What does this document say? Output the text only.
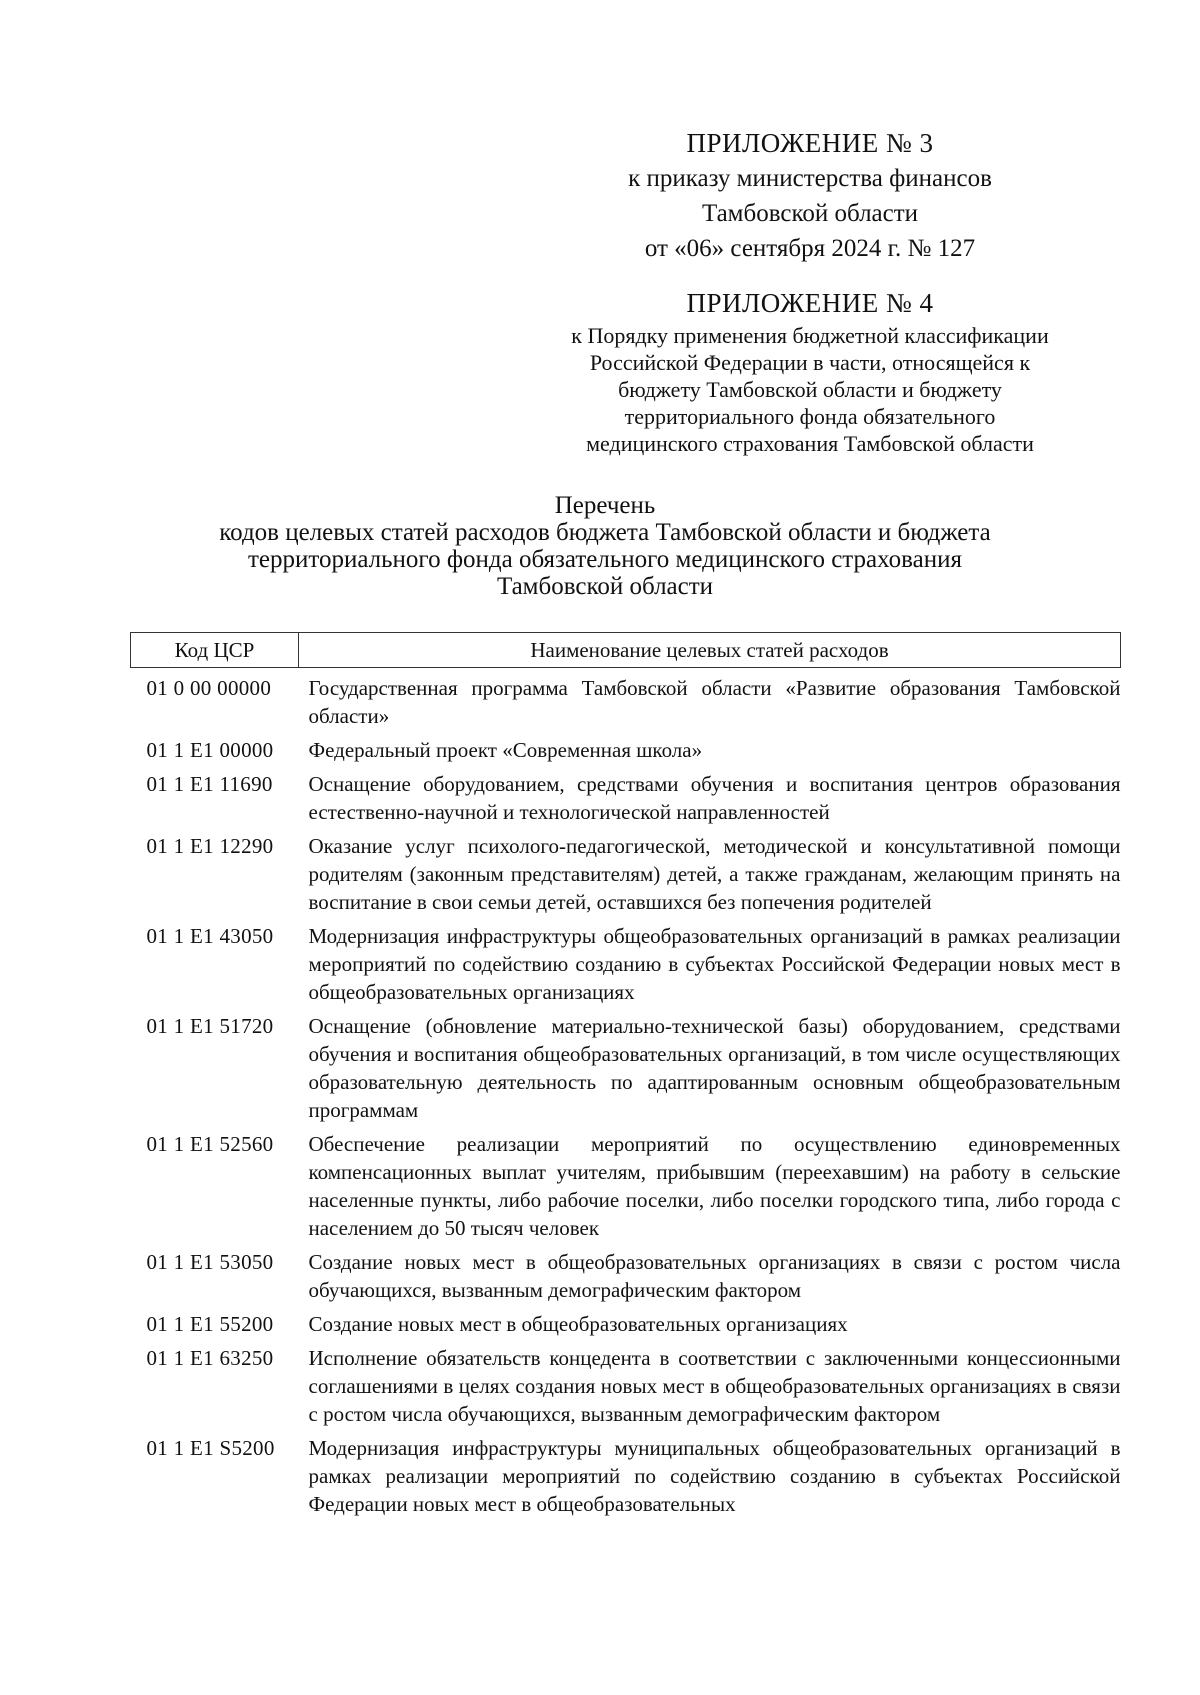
ПРИЛОЖЕНИЕ № 3
к приказу министерства финансов
Тамбовской области
от «06» сентября 2024 г. № 127
ПРИЛОЖЕНИЕ № 4
к Порядку применения бюджетной классификации
Российской Федерации в части, относящейся к
бюджету Тамбовской области и бюджету
территориального фонда обязательного
медицинского страхования Тамбовской области
Перечень
кодов целевых статей расходов бюджета Тамбовской области и бюджета
территориального фонда обязательного медицинского страхования
Тамбовской области
Код ЦСР	Наименование целевых статей расходов
01 0 00 00000	Государственная программа Тамбовской области «Развитие образования Тамбовской области»
01 1 E1 00000	Федеральный проект «Современная школа»
01 1 E1 11690	Оснащение оборудованием, средствами обучения и воспитания центров образования естественно-научной и технологической направленностей
01 1 E1 12290	Оказание услуг психолого-педагогической, методической и консультативной помощи родителям (законным представителям) детей, а также гражданам, желающим принять на воспитание в свои семьи детей, оставшихся без попечения родителей
01 1 E1 43050	Модернизация инфраструктуры общеобразовательных организаций в рамках реализации мероприятий по содействию созданию в субъектах Российской Федерации новых мест в общеобразовательных организациях
01 1 E1 51720	Оснащение (обновление материально-технической базы) оборудованием, средствами обучения и воспитания общеобразовательных организаций, в том числе осуществляющих образовательную деятельность по адаптированным основным общеобразовательным программам
01 1 E1 52560	Обеспечение реализации мероприятий по осуществлению единовременных компенсационных выплат учителям, прибывшим (переехавшим) на работу в сельские населенные пункты, либо рабочие поселки, либо поселки городского типа, либо города с населением до 50 тысяч человек
01 1 E1 53050	Создание новых мест в общеобразовательных организациях в связи с ростом числа обучающихся, вызванным демографическим фактором
01 1 E1 55200	Создание новых мест в общеобразовательных организациях
01 1 E1 63250	Исполнение обязательств концедента в соответствии с заключенными концессионными соглашениями в целях создания новых мест в общеобразовательных организациях в связи с ростом числа обучающихся, вызванным демографическим фактором
01 1 E1 S5200	Модернизация инфраструктуры муниципальных общеобразовательных организаций в рамках реализации мероприятий по содействию созданию в субъектах Российской Федерации новых мест в общеобразовательных
